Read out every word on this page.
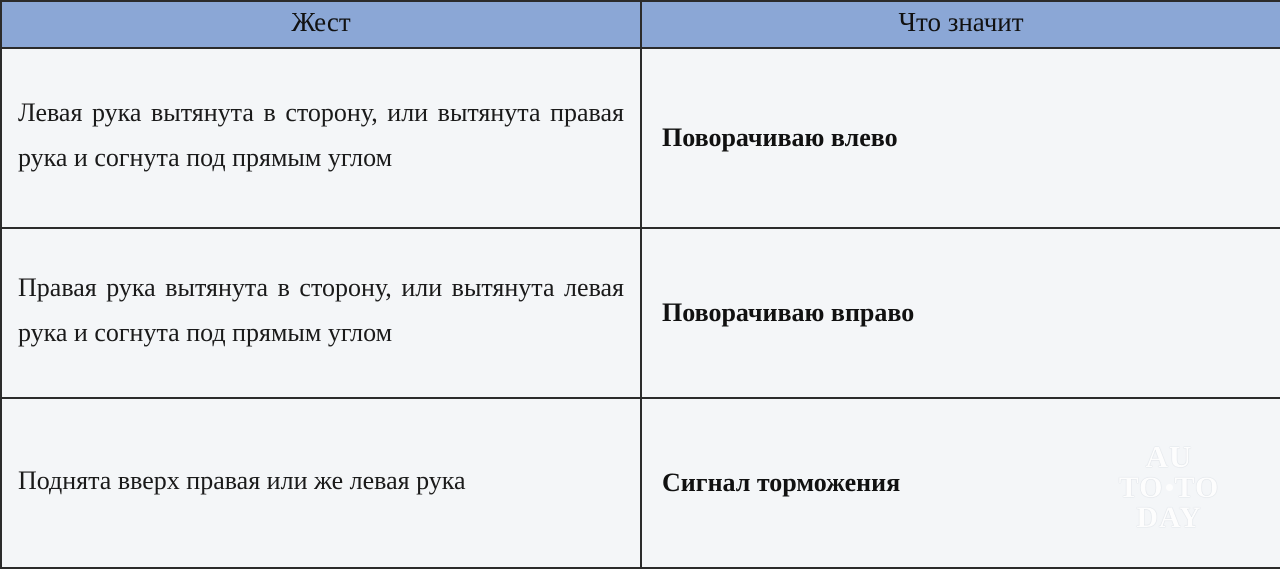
Жест	Что значит
Левая рука вытянута в сторону, или вытянута правая рука и согнута под прямым углом	Поворачиваю влево
Правая рука вытянута в сторону, или вытянута левая рука и согнута под прямым углом	Поворачиваю вправо
Поднята вверх правая или же левая рука	Сигнал торможения
AU
TO TO
DAY
